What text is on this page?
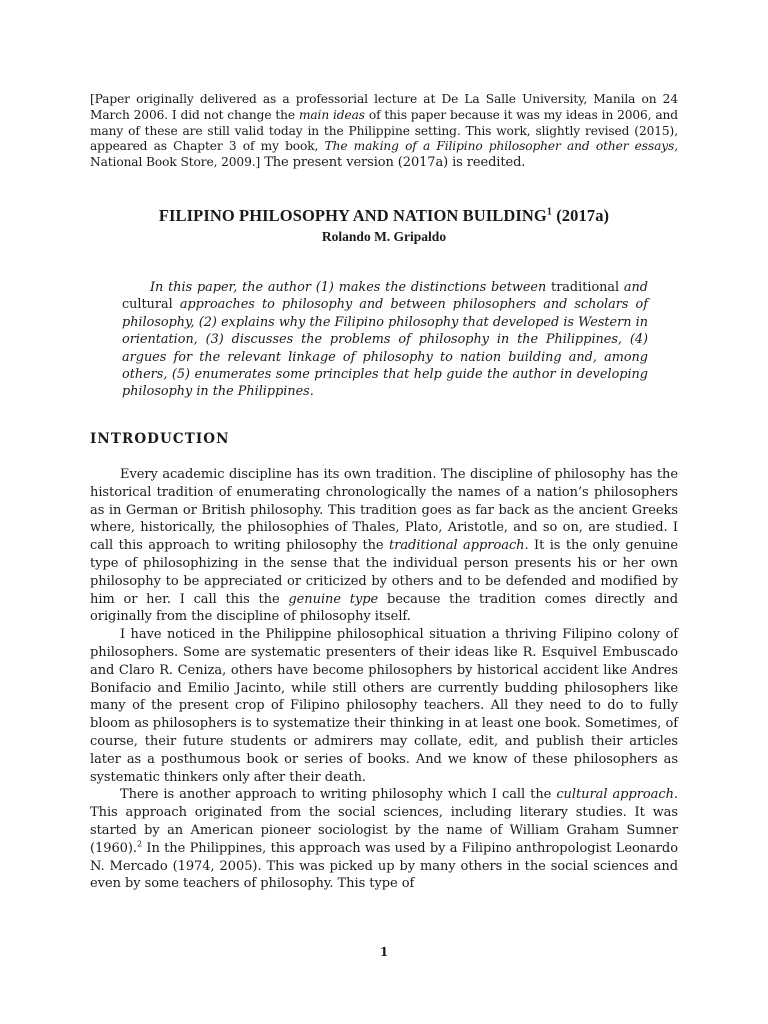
[Paper originally delivered as a professorial lecture at De La Salle University, Manila on 24 March 2006. I did not change the main ideas of this paper because it was my ideas in 2006, and many of these are still valid today in the Philippine setting. This work, slightly revised (2015), appeared as Chapter 3 of my book, The making of a Filipino philosopher and other essays, National Book Store, 2009.] The present version (2017a) is reedited.
FILIPINO PHILOSOPHY AND NATION BUILDING$^1$ (2017a)
Rolando M. Gripaldo
In this paper, the author (1) makes the distinctions between traditional and cultural approaches to philosophy and between philosophers and scholars of philosophy, (2) explains why the Filipino philosophy that developed is Western in orientation, (3) discusses the problems of philosophy in the Philippines, (4) argues for the relevant linkage of philosophy to nation building and, among others, (5) enumerates some principles that help guide the author in developing philosophy in the Philippines.
INTRODUCTION

Every academic discipline has its own tradition. The discipline of philosophy has the historical tradition of enumerating chronologically the names of a nation’s philosophers as in German or British philosophy. This tradition goes as far back as the ancient Greeks where, historically, the philosophies of Thales, Plato, Aristotle, and so on, are studied. I call this approach to writing philosophy the traditional approach. It is the only genuine type of philosophizing in the sense that the individual person presents his or her own philosophy to be appreciated or criticized by others and to be defended and modified by him or her. I call this the genuine type because the tradition comes directly and originally from the discipline of philosophy itself.

I have noticed in the Philippine philosophical situation a thriving Filipino colony of philosophers. Some are systematic presenters of their ideas like R. Esquivel Embuscado and Claro R. Ceniza, others have become philosophers by historical accident like Andres Bonifacio and Emilio Jacinto, while still others are currently budding philosophers like many of the present crop of Filipino philosophy teachers. All they need to do to fully bloom as philosophers is to systematize their thinking in at least one book. Sometimes, of course, their future students or admirers may collate, edit, and publish their articles later as a posthumous book or series of books. And we know of these philosophers as systematic thinkers only after their death.

There is another approach to writing philosophy which I call the cultural approach. This approach originated from the social sciences, including literary studies. It was started by an American pioneer sociologist by the name of William Graham Sumner (1960).$^2$ In the Philippines, this approach was used by a Filipino anthropologist Leonardo N. Mercado (1974, 2005). This was picked up by many others in the social sciences and even by some teachers of philosophy. This type of

1
